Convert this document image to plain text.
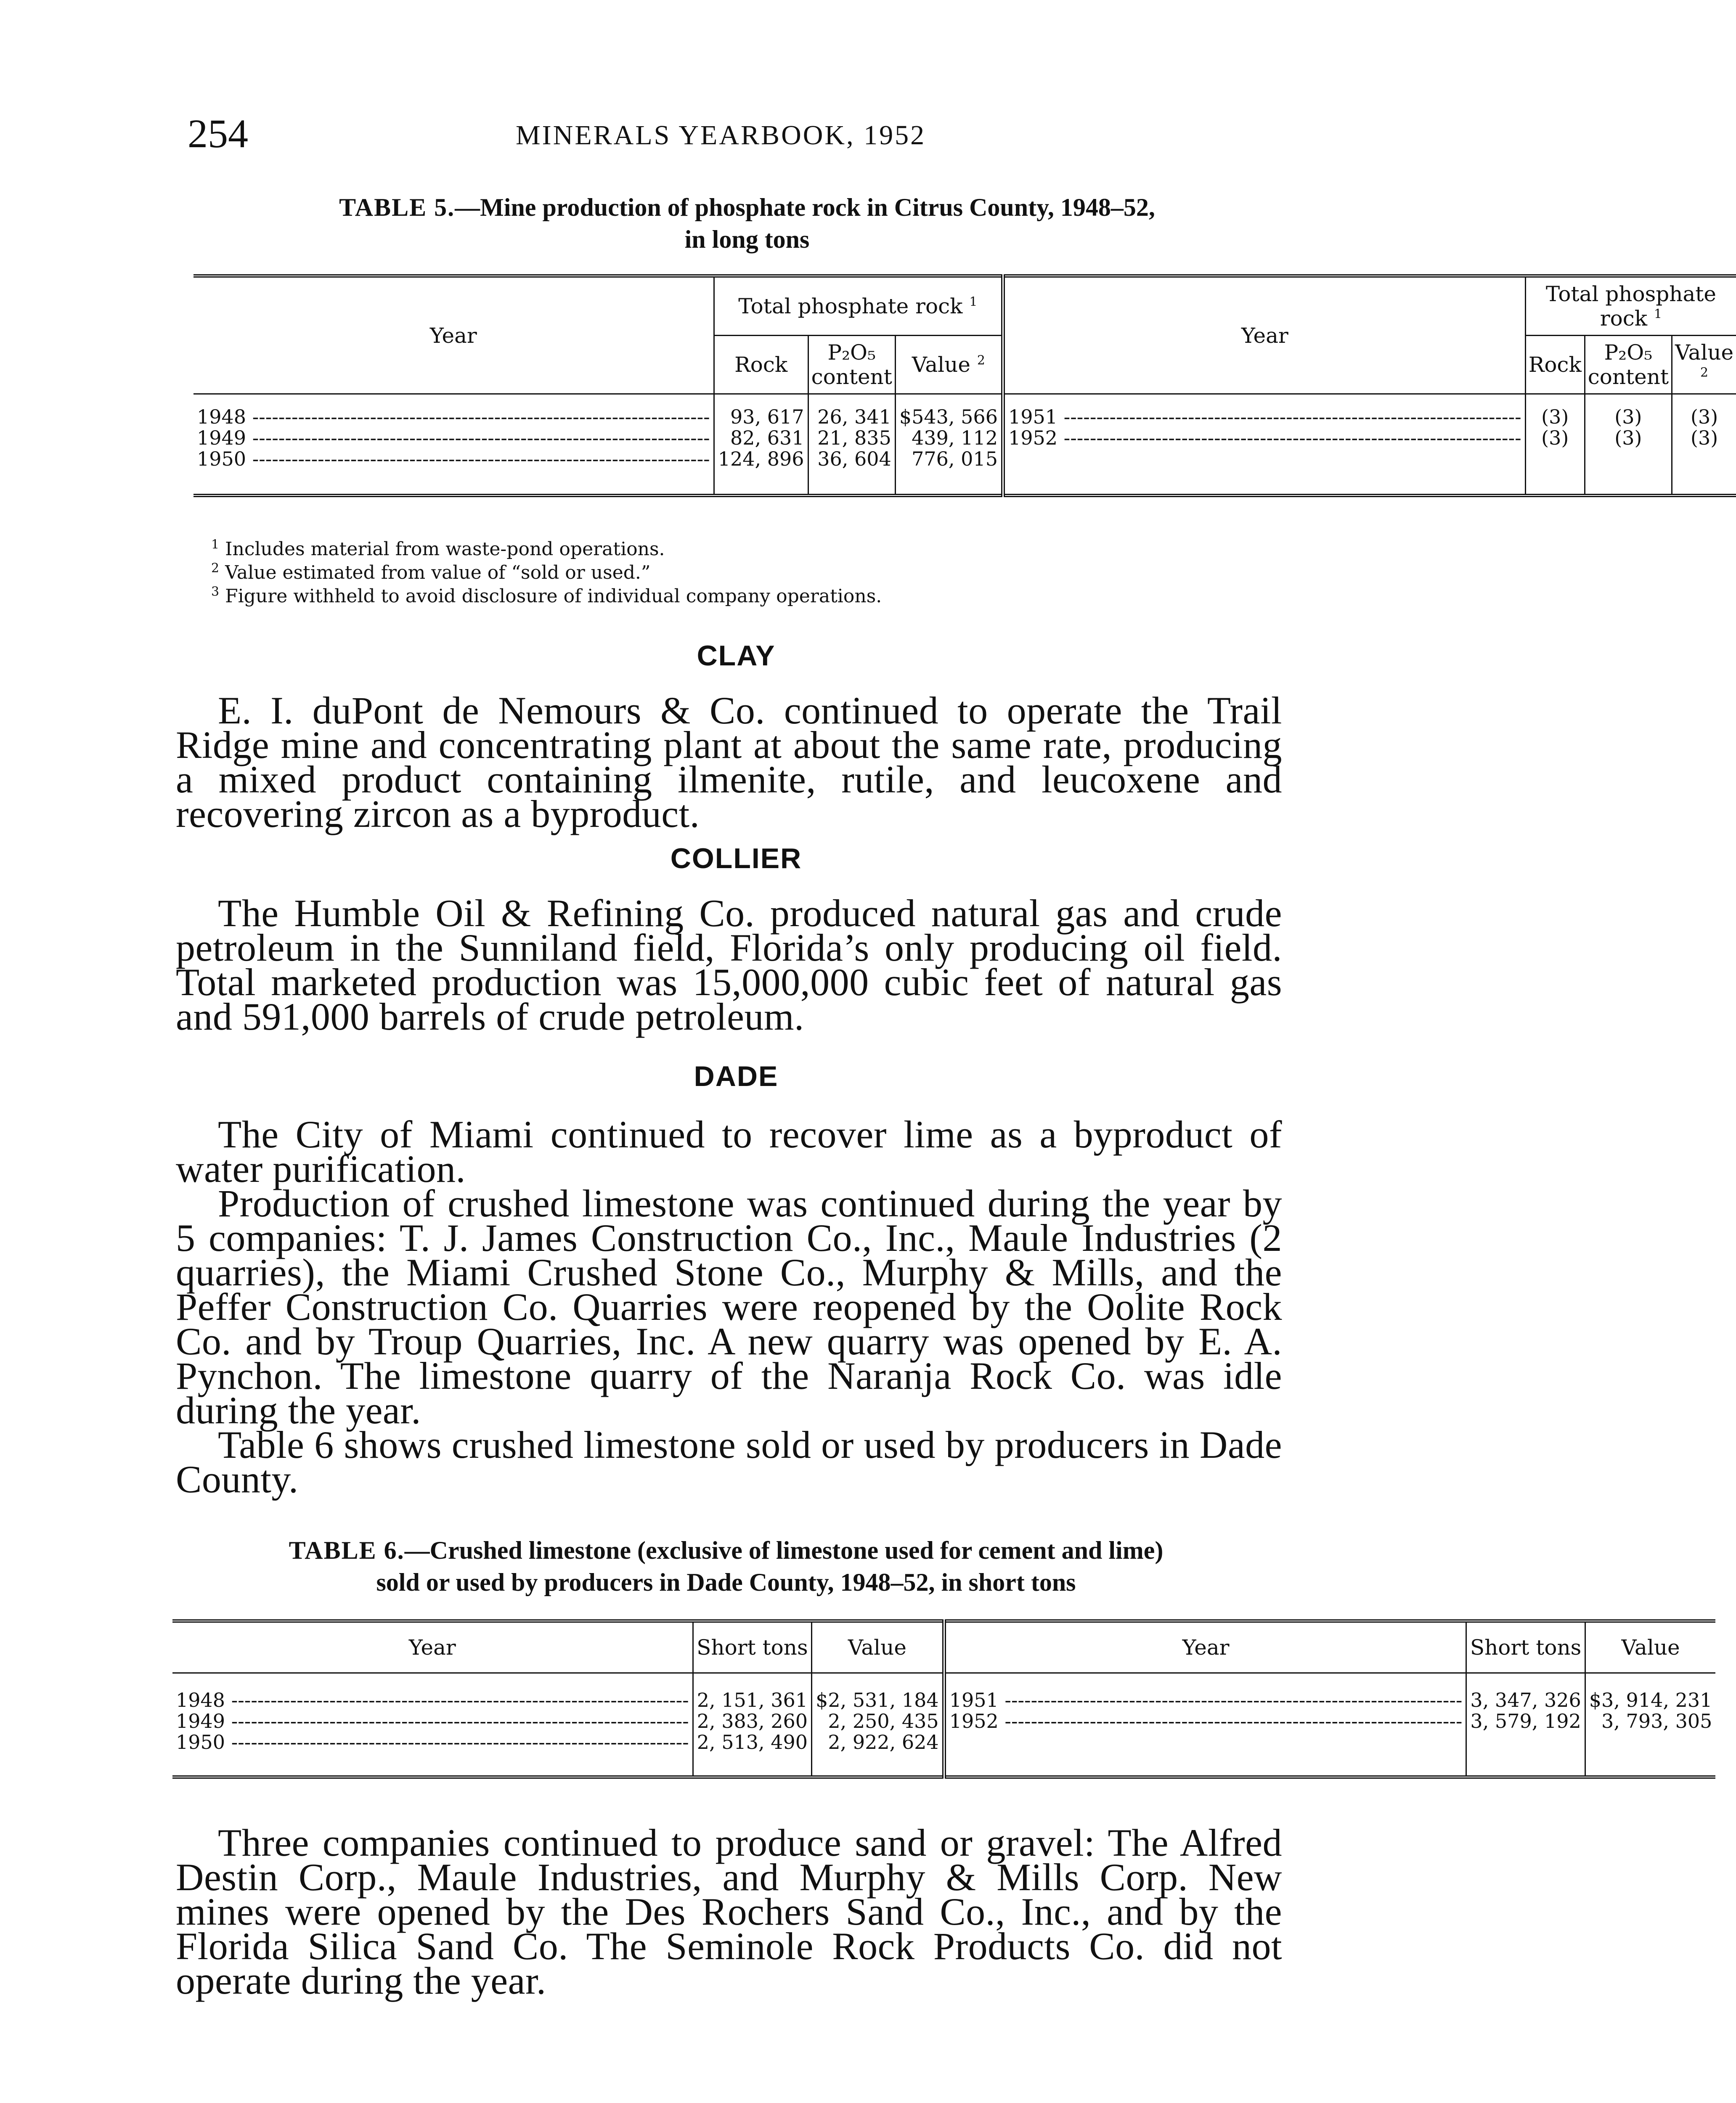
254	MINERALS YEARBOOK, 1952
TABLE 5.—Mine production of phosphate rock in Citrus County, 1948–52,
in long tons
Year	Total phosphate rock $^1$			Year	Total phosphate rock $^1$
	Rock	P₂O₅ content	Value $^2$		Rock	P₂O₅ content	Value $^2$
1948 -----	93, 617	26, 341	$543, 566	1951 -----	(3)	(3)	(3)
1949 -----	82, 631	21, 835	439, 112	1952 -----	(3)	(3)	(3)
1950 -----	124, 896	36, 604	776, 015				
$^1$ Includes material from waste-pond operations.
$^2$ Value estimated from value of “sold or used.”
$^3$ Figure withheld to avoid disclosure of individual company operations.
CLAY
E. I. duPont de Nemours & Co. continued to operate the Trail Ridge mine and concentrating plant at about the same rate, producing a mixed product containing ilmenite, rutile, and leucoxene and recovering zircon as a byproduct.
COLLIER
The Humble Oil & Refining Co. produced natural gas and crude petroleum in the Sunniland field, Florida’s only producing oil field. Total marketed production was 15,000,000 cubic feet of natural gas and 591,000 barrels of crude petroleum.
DADE
The City of Miami continued to recover lime as a byproduct of water purification.
Production of crushed limestone was continued during the year by 5 companies: T. J. James Construction Co., Inc., Maule Industries (2 quarries), the Miami Crushed Stone Co., Murphy & Mills, and the Peffer Construction Co. Quarries were reopened by the Oolite Rock Co. and by Troup Quarries, Inc. A new quarry was opened by E. A. Pynchon. The limestone quarry of the Naranja Rock Co. was idle during the year.
Table 6 shows crushed limestone sold or used by producers in Dade County.
TABLE 6.—Crushed limestone (exclusive of limestone used for cement and lime)
sold or used by producers in Dade County, 1948–52, in short tons
Year	Short tons	Value	Year	Short tons	Value
1948 -----	2, 151, 361	$2, 531, 184	1951 -----	3, 347, 326	$3, 914, 231
1949 -----	2, 383, 260	2, 250, 435	1952 -----	3, 579, 192	3, 793, 305
1950 -----	2, 513, 490	2, 922, 624			
Three companies continued to produce sand or gravel: The Alfred Destin Corp., Maule Industries, and Murphy & Mills Corp. New mines were opened by the Des Rochers Sand Co., Inc., and by the Florida Silica Sand Co. The Seminole Rock Products Co. did not operate during the year.
